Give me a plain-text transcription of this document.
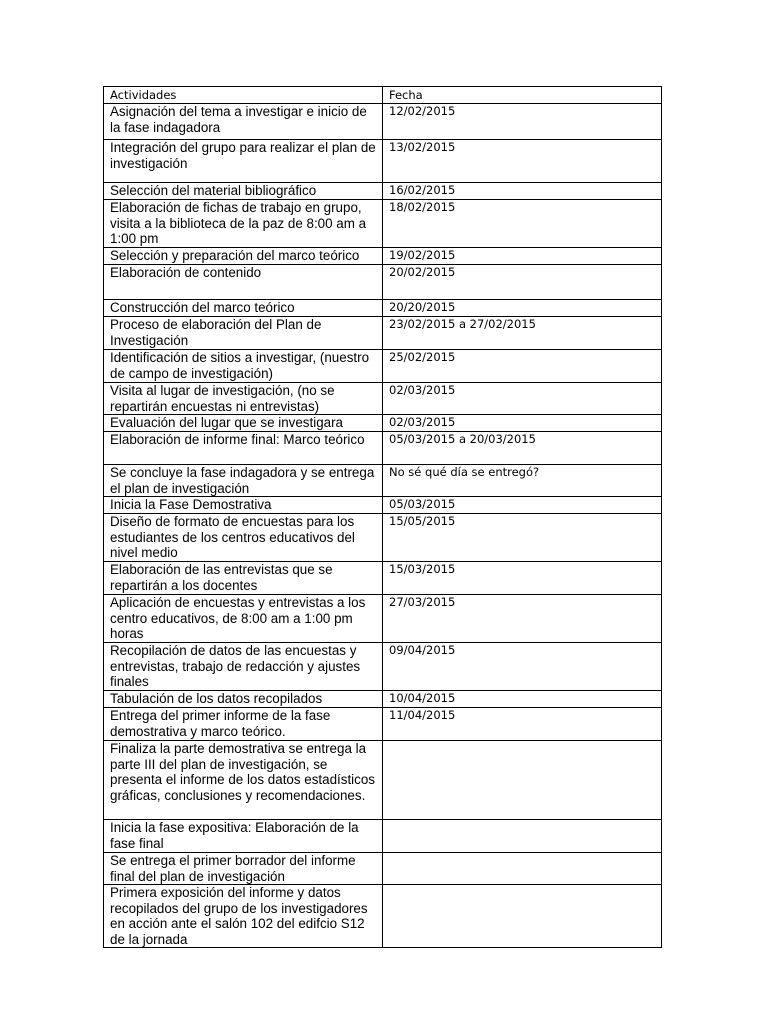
Actividades	Fecha
Asignación del tema a investigar e inicio de la fase indagadora	12/02/2015
Integración del grupo para realizar el plan de investigación	13/02/2015
Selección del material bibliográfico	16/02/2015
Elaboración de fichas de trabajo en grupo, visita a la biblioteca de la paz de 8:00 am a 1:00 pm	18/02/2015
Selección y preparación del marco teórico	19/02/2015
Elaboración de contenido	20/02/2015
Construcción del marco teórico	20/20/2015
Proceso de elaboración del Plan de Investigación	23/02/2015 a 27/02/2015
Identificación de sitios a investigar, (nuestro de campo de investigación)	25/02/2015
Visita al lugar de investigación, (no se repartirán encuestas ni entrevistas)	02/03/2015
Evaluación del lugar que se investigara	02/03/2015
Elaboración de informe final: Marco teórico	05/03/2015 a 20/03/2015
Se concluye la fase indagadora y se entrega el plan de investigación	No sé qué día se entregó?
Inicia la Fase Demostrativa	05/03/2015
Diseño de formato de encuestas para los estudiantes de los centros educativos del nivel medio	15/05/2015
Elaboración de las entrevistas que se repartirán a los docentes	15/03/2015
Aplicación de encuestas y entrevistas a los centro educativos, de 8:00 am a 1:00 pm horas	27/03/2015
Recopilación de datos de las encuestas y entrevistas, trabajo de redacción y ajustes finales	09/04/2015
Tabulación de los datos recopilados	10/04/2015
Entrega del primer informe de la fase demostrativa y marco teórico.	11/04/2015
Finaliza la parte demostrativa se entrega la parte III del plan de investigación, se presenta el informe de los datos estadísticos gráficas, conclusiones y recomendaciones.	
Inicia la fase expositiva: Elaboración de la fase final	
Se entrega el primer borrador del informe final del plan de investigación	
Primera exposición del informe y datos recopilados del grupo de los investigadores en acción ante el salón 102 del edifcio S12 de la jornada	
